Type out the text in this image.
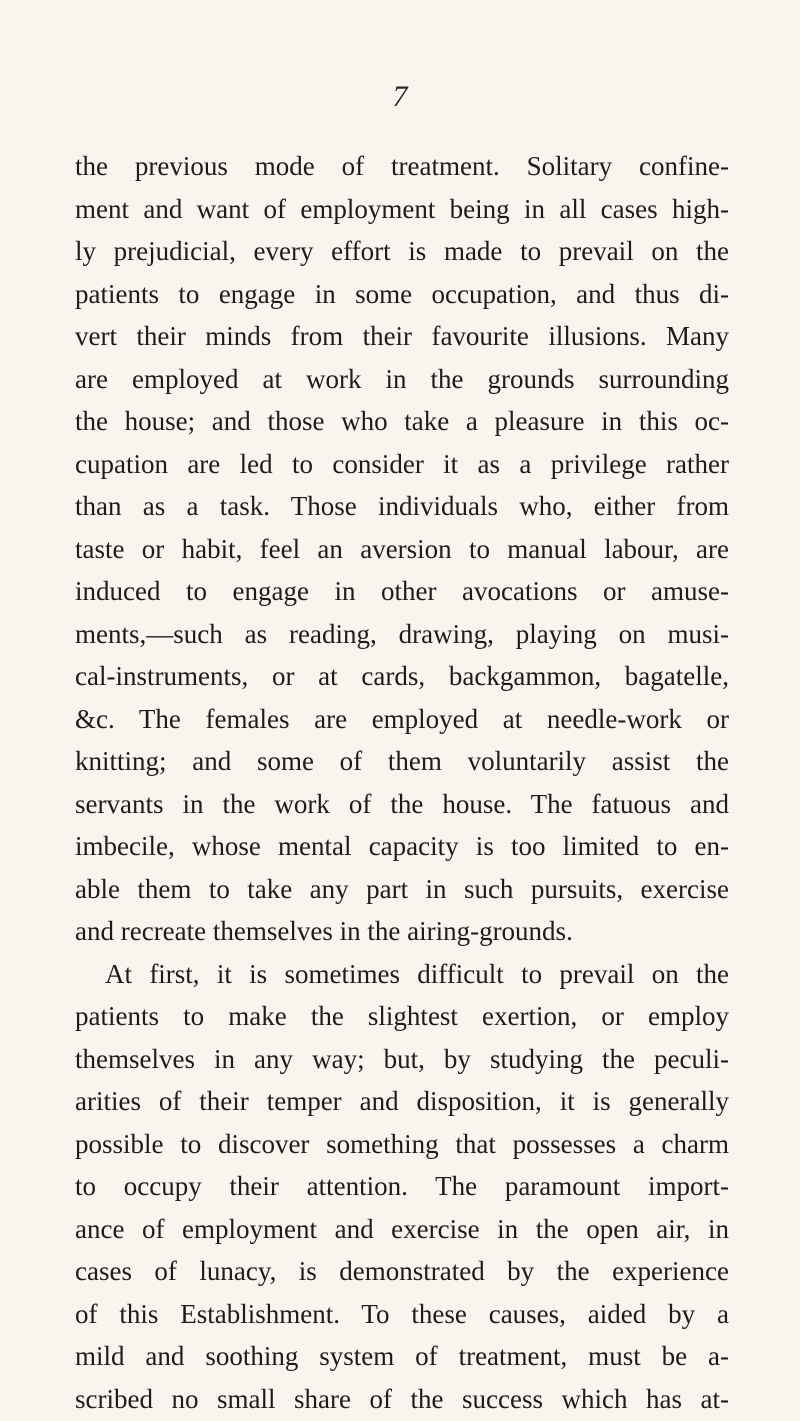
7
the previous mode of treatment. Solitary confine-
ment and want of employment being in all cases high-
ly prejudicial, every effort is made to prevail on the
patients to engage in some occupation, and thus di-
vert their minds from their favourite illusions. Many
are employed at work in the grounds surrounding
the house; and those who take a pleasure in this oc-
cupation are led to consider it as a privilege rather
than as a task. Those individuals who, either from
taste or habit, feel an aversion to manual labour, are
induced to engage in other avocations or amuse-
ments,—such as reading, drawing, playing on musi-
cal-instruments, or at cards, backgammon, bagatelle,
&c. The females are employed at needle-work or
knitting; and some of them voluntarily assist the
servants in the work of the house. The fatuous and
imbecile, whose mental capacity is too limited to en-
able them to take any part in such pursuits, exercise
and recreate themselves in the airing-grounds.
At first, it is sometimes difficult to prevail on the
patients to make the slightest exertion, or employ
themselves in any way; but, by studying the peculi-
arities of their temper and disposition, it is generally
possible to discover something that possesses a charm
to occupy their attention. The paramount import-
ance of employment and exercise in the open air, in
cases of lunacy, is demonstrated by the experience
of this Establishment. To these causes, aided by a
mild and soothing system of treatment, must be a-
scribed no small share of the success which has at-
